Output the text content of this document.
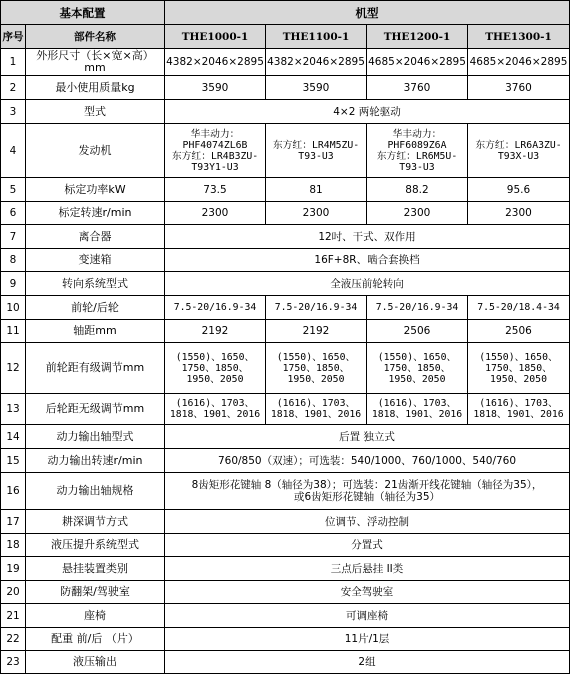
基本配置		机型			
序号	部件名称	THE1000-1	THE1100-1	THE1200-1	THE1300-1
1	外形尺寸（长×宽×高）mm	4382×2046×2895	4382×2046×2895	4685×2046×2895	4685×2046×2895
2	最小使用质量kg	3590	3590	3760	3760
3	型式	4×2 两轮驱动			
4	发动机	华丰动力：
PHF4074ZL6B
东方红：LR4B3ZU-
T93Y1-U3	东方红：LR4M5ZU-
T93-U3	华丰动力：
PHF6089Z6A
东方红：LR6M5U-
T93-U3	东方红：LR6A3ZU-
T93X-U3
5	标定功率kW	73.5	81	88.2	95.6
6	标定转速r/min	2300	2300	2300	2300
7	离合器	12吋、干式、双作用			
8	变速箱	16F+8R、啮合套换档			
9	转向系统型式	全液压前轮转向			
10	前轮/后轮	7.5-20/16.9-34	7.5-20/16.9-34	7.5-20/16.9-34	7.5-20/18.4-34
11	轴距mm	2192	2192	2506	2506
12	前轮距有级调节mm	(1550)、1650、
1750、1850、
1950、2050	(1550)、1650、
1750、1850、
1950、2050	(1550)、1650、
1750、1850、
1950、2050	(1550)、1650、
1750、1850、
1950、2050
13	后轮距无级调节mm	(1616)、1703、
1818、1901、2016	(1616)、1703、
1818、1901、2016	(1616)、1703、
1818、1901、2016	(1616)、1703、
1818、1901、2016
14	动力输出轴型式	后置 独立式			
15	动力输出转速r/min	760/850（双速）；可选装：540/1000、760/1000、540/760			
16	动力输出轴规格	8齿矩形花键轴 8（轴径为38）；可选装：21齿渐开线花键轴（轴径为35），
或6齿矩形花键轴（轴径为35）			
17	耕深调节方式	位调节、浮动控制			
18	液压提升系统型式	分置式			
19	悬挂装置类别	三点后悬挂 II类			
20	防翻架/驾驶室	安全驾驶室			
21	座椅	可调座椅			
22	配重 前/后 （片）	11片/1层			
23	液压输出	2组			
